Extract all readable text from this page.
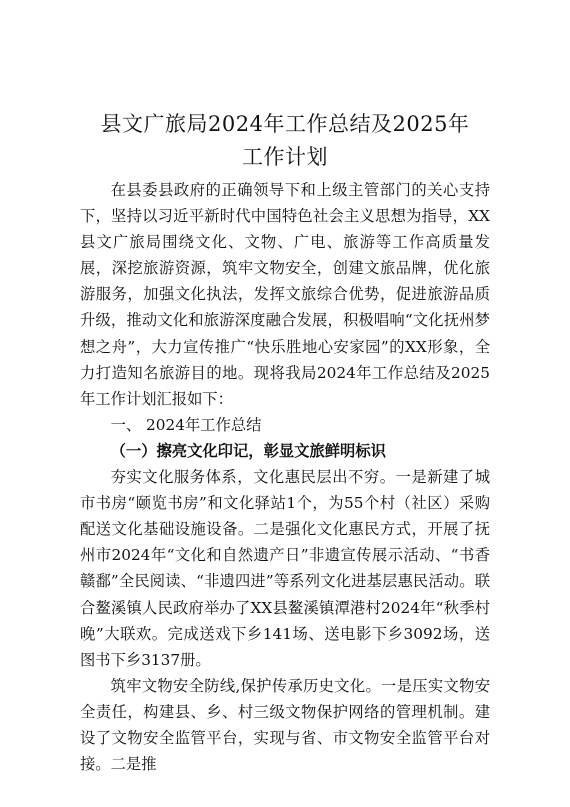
县文广旅局2024年工作总结及2025年
工作计划

在县委县政府的正确领导下和上级主管部门的关心支持下，坚持以习近平新时代中国特色社会主义思想为指导，XX县文广旅局围绕文化、文物、广电、旅游等工作高质量发展，深挖旅游资源，筑牢文物安全，创建文旅品牌，优化旅游服务，加强文化执法，发挥文旅综合优势，促进旅游品质升级，推动文化和旅游深度融合发展，积极唱响“文化抚州梦想之舟”，大力宣传推广“快乐胜地心安家园”的XX形象，全力打造知名旅游目的地。现将我局2024年工作总结及2025年工作计划汇报如下：

一、 2024年工作总结

（一）擦亮文化印记，彰显文旅鲜明标识

夯实文化服务体系，文化惠民层出不穷。一是新建了城市书房“颐览书房”和文化驿站1个，为55个村（社区）采购配送文化基础设施设备。二是强化文化惠民方式，开展了抚州市2024年“文化和自然遗产日”非遗宣传展示活动、“书香赣鄱”全民阅读、“非遗四进”等系列文化进基层惠民活动。联合鳌溪镇人民政府举办了XX县鳌溪镇潭港村2024年“秋季村晚”大联欢。完成送戏下乡141场、送电影下乡3092场，送图书下乡3137册。

筑牢文物安全防线,保护传承历史文化。一是压实文物安全责任，构建县、乡、村三级文物保护网络的管理机制。建设了文物安全监管平台，实现与省、市文物安全监管平台对接。二是推
